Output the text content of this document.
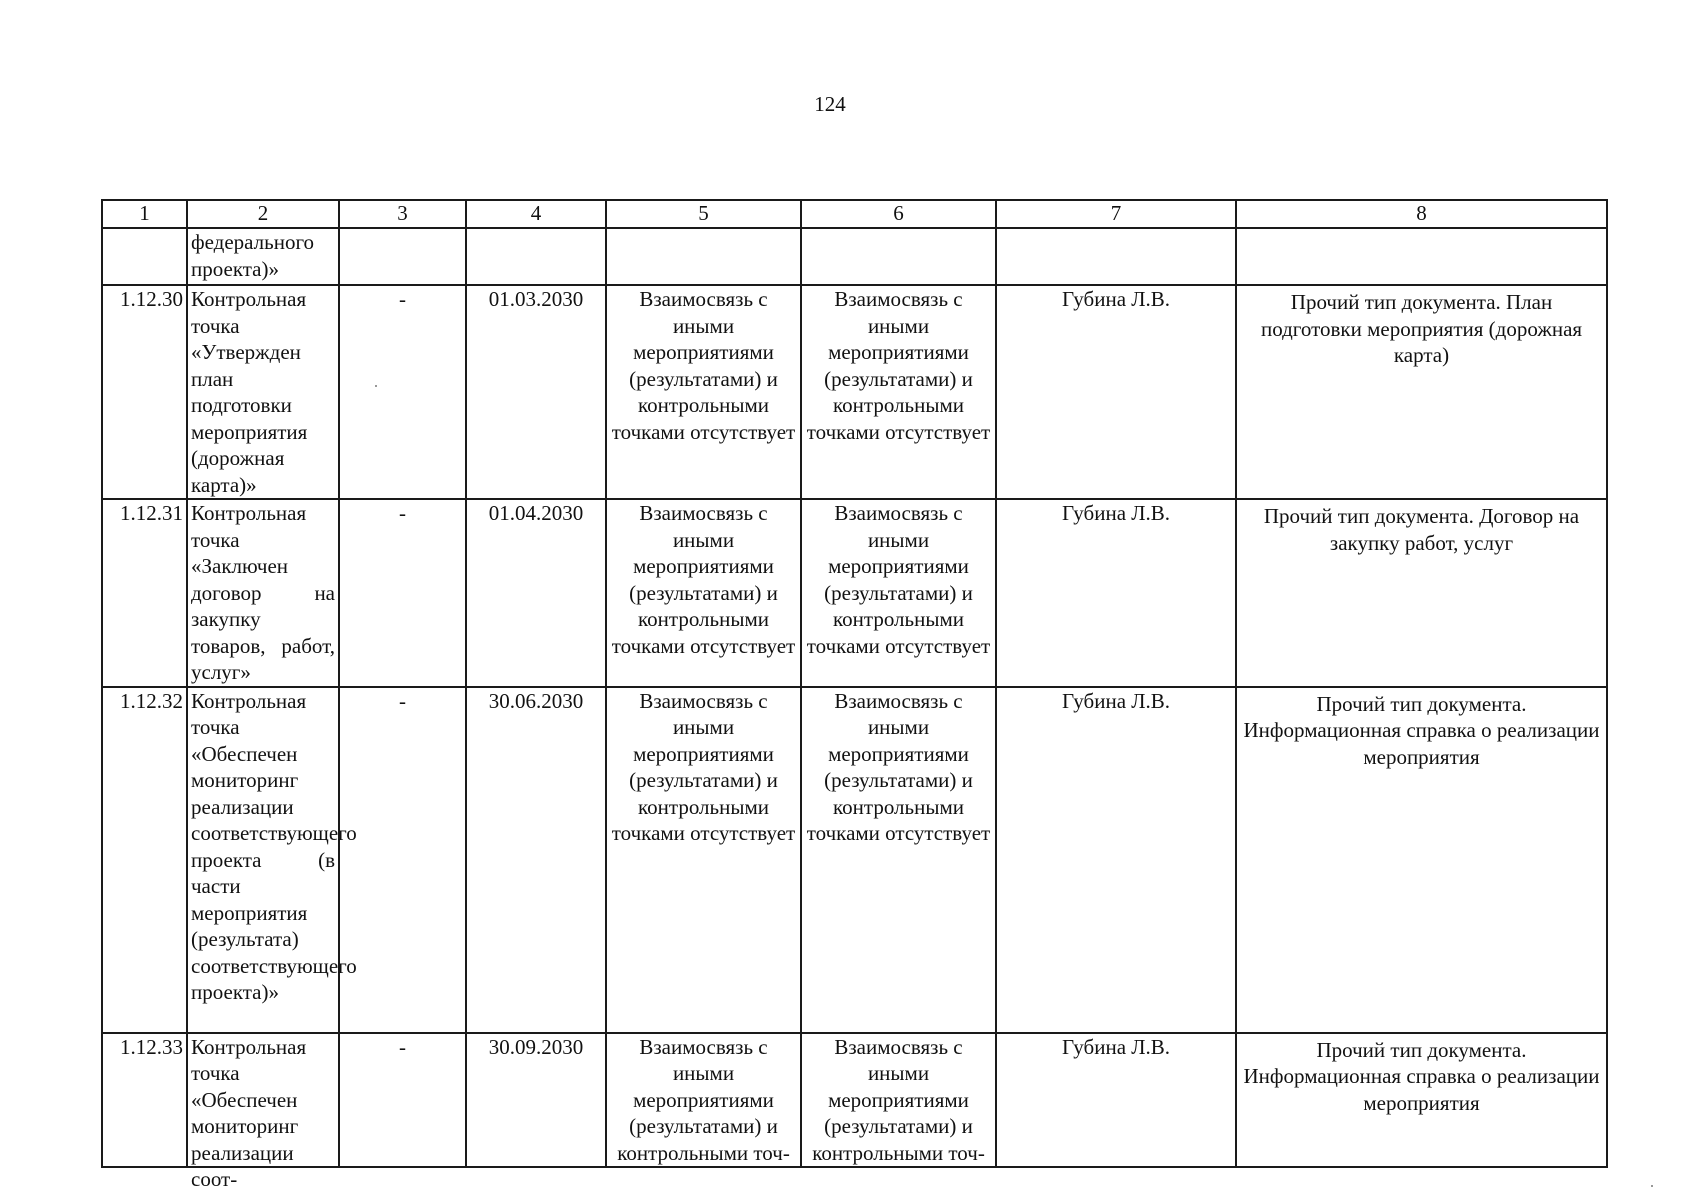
124
1	2	3	4	5	6	7	8
	федерального проекта)»						
1.12.30	Контрольная точка «Утвержден план подготовки мероприятия (дорожная карта)»	-	01.03.2030	Взаимосвязь с иными мероприятиями (результатами) и контрольными точками отсутствует	Взаимосвязь с иными мероприятиями (результатами) и контрольными точками отсутствует	Губина Л.В.	Прочий тип документа. План подготовки мероприятия (дорожная карта)
1.12.31	Контрольная точка «Заключен договор на закупку товаров, работ, услуг»	-	01.04.2030	Взаимосвязь с иными мероприятиями (результатами) и контрольными точками отсутствует	Взаимосвязь с иными мероприятиями (результатами) и контрольными точками отсутствует	Губина Л.В.	Прочий тип документа. Договор на закупку работ, услуг
1.12.32	Контрольная точка «Обеспечен мониторинг реализации соответствующего проекта (в части мероприятия (результата) соответствующего проекта)»	-	30.06.2030	Взаимосвязь с иными мероприятиями (результатами) и контрольными точками отсутствует	Взаимосвязь с иными мероприятиями (результатами) и контрольными точками отсутствует	Губина Л.В.	Прочий тип документа. Информационная справка о реализации мероприятия
1.12.33	Контрольная точка «Обеспечен мониторинг реализации соот-	-	30.09.2030	Взаимосвязь с иными мероприятиями (результатами) и контрольными точ-	Взаимосвязь с иными мероприятиями (результатами) и контрольными точ-	Губина Л.В.	Прочий тип документа. Информационная справка о реализации мероприятия
